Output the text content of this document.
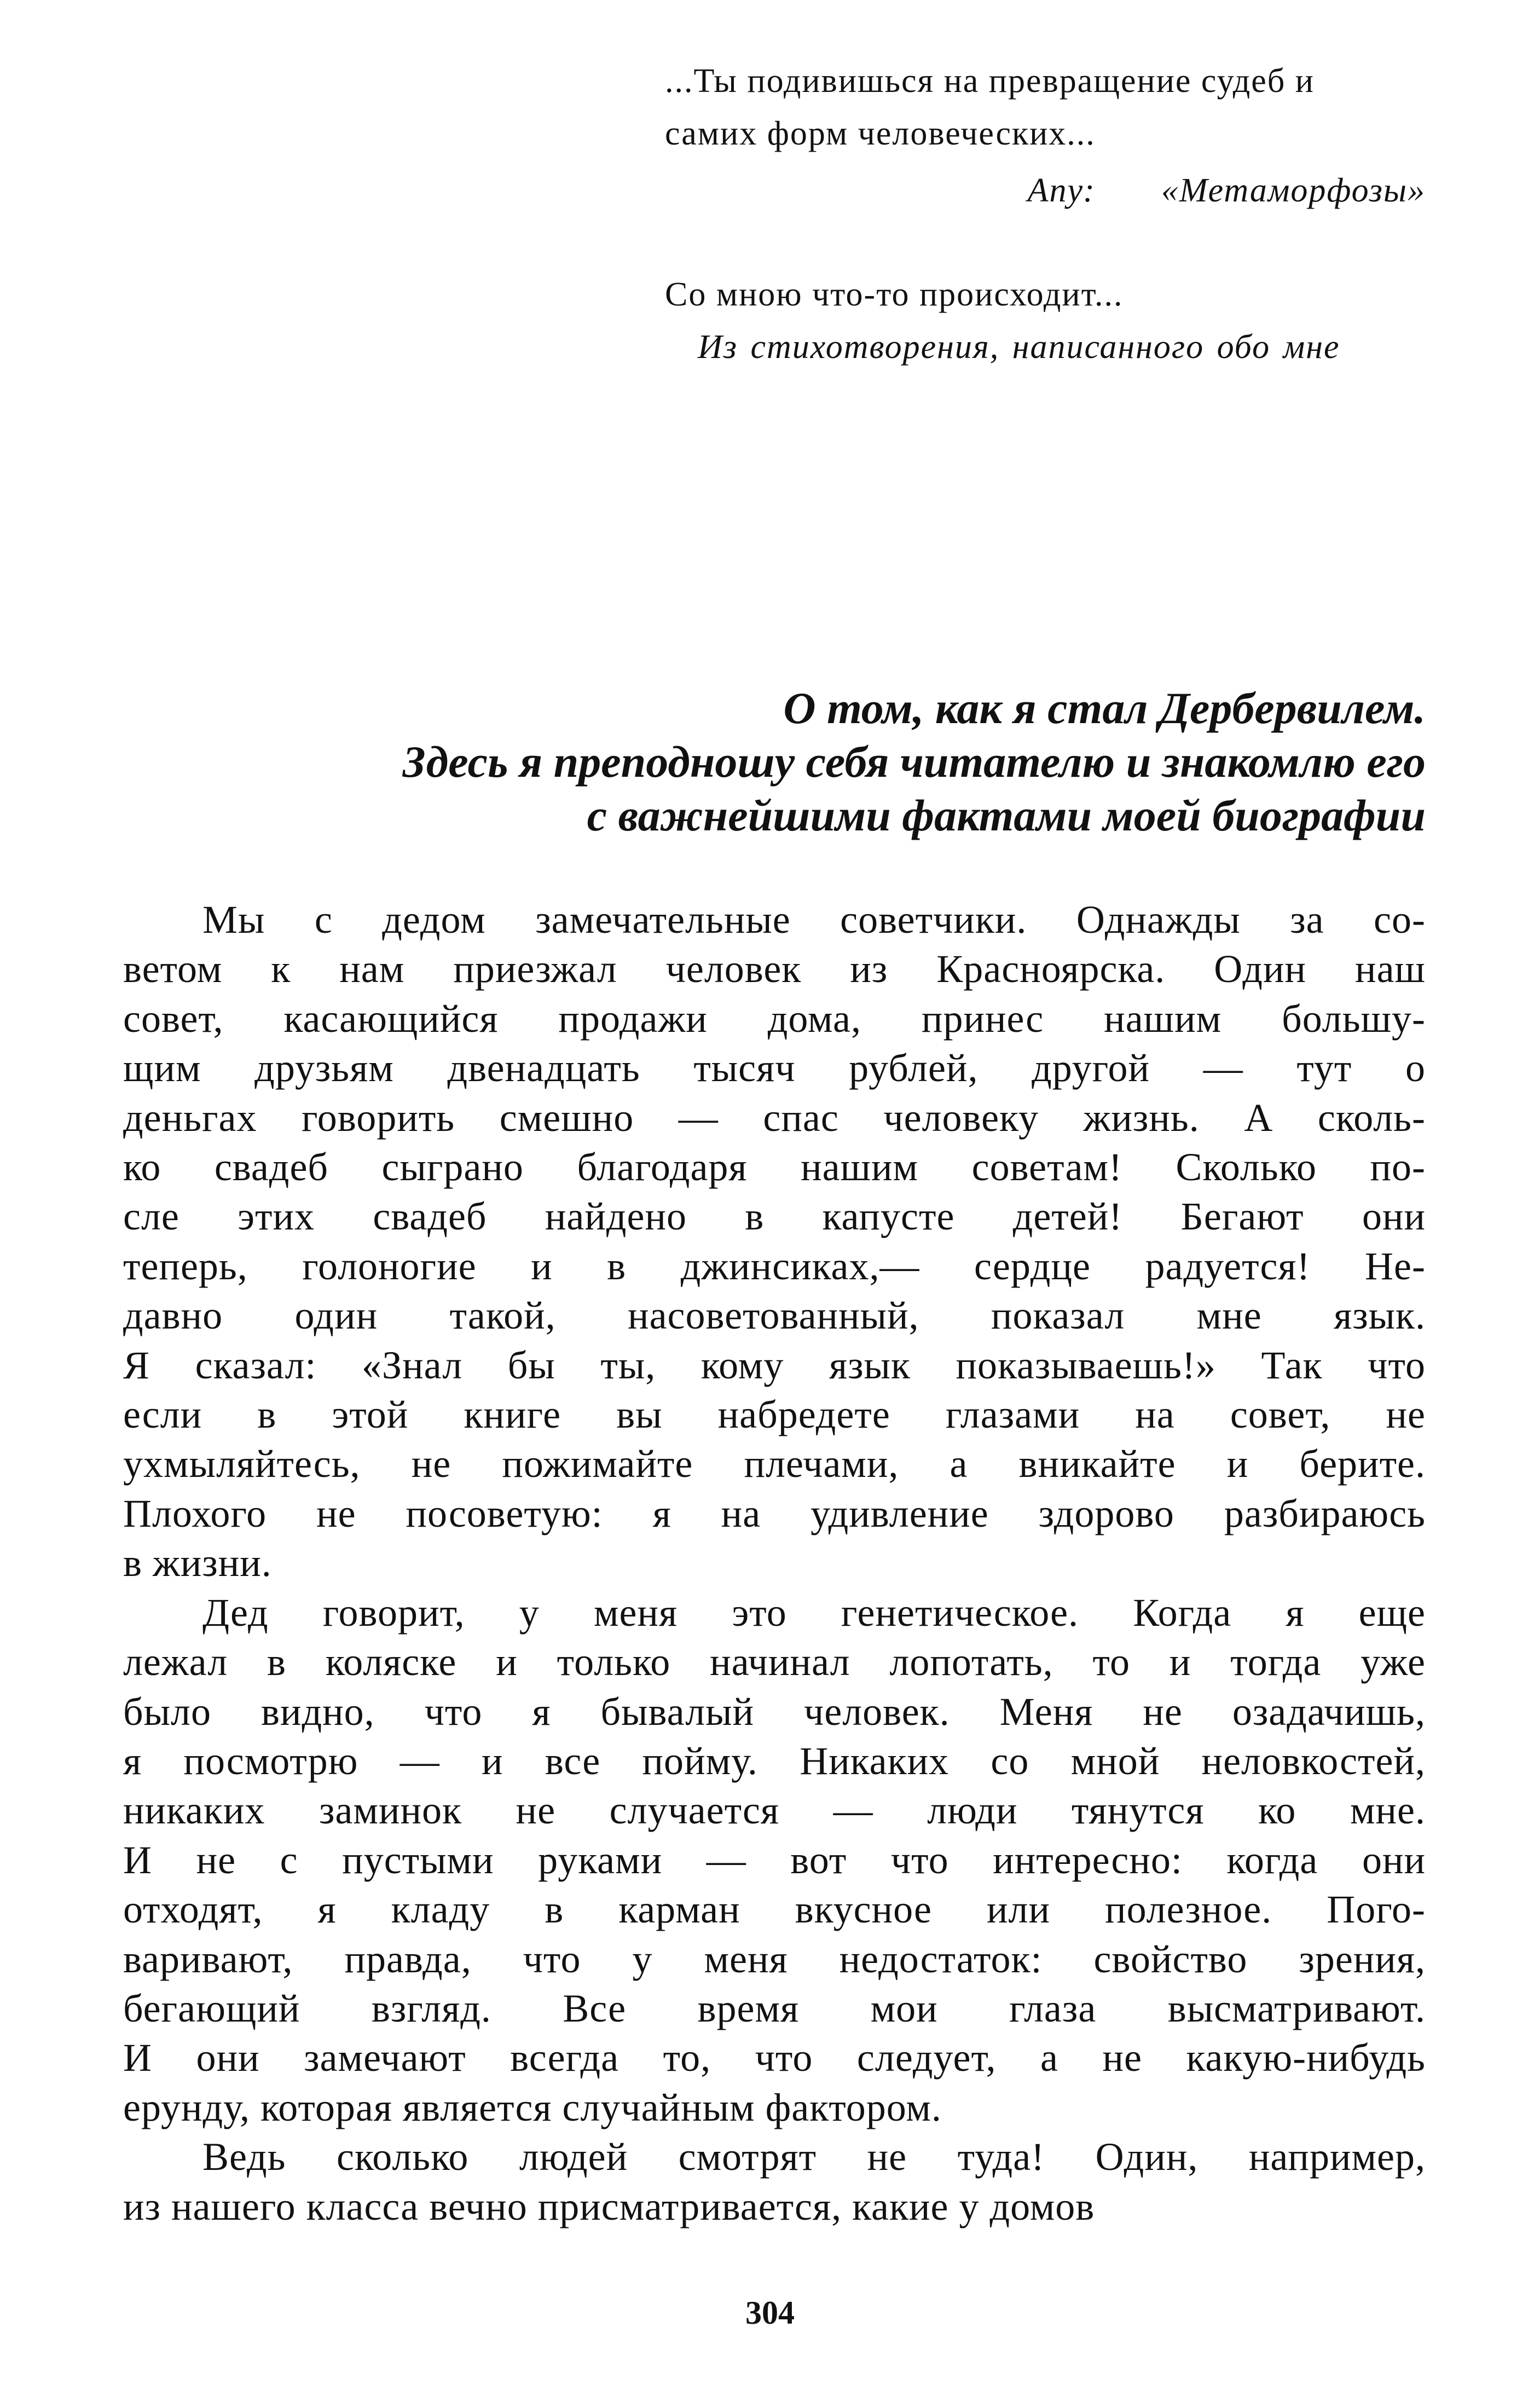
...Ты подивишься на превращение судеб и
самих форм человеческих...

Апу: «Метаморфозы»

Со мною что-то происходит...

Из стихотворения, написанного обо мне

О том, как я стал Дербервилем.
Здесь я преподношу себя читателю и знакомлю его
с важнейшими фактами моей биографии

Мы с дедом замечательные советчики. Однажды за со-
ветом к нам приезжал человек из Красноярска. Один наш
совет, касающийся продажи дома, принес нашим большу-
щим друзьям двенадцать тысяч рублей, другой — тут о
деньгах говорить смешно — спас человеку жизнь. А сколь-
ко свадеб сыграно благодаря нашим советам! Сколько по-
сле этих свадеб найдено в капусте детей! Бегают они
теперь, голоногие и в джинсиках,— сердце радуется! Не-
давно один такой, насоветованный, показал мне язык.
Я сказал: «Знал бы ты, кому язык показываешь!» Так что
если в этой книге вы набредете глазами на совет, не
ухмыляйтесь, не пожимайте плечами, а вникайте и берите.
Плохого не посоветую: я на удивление здорово разбираюсь
в жизни.

Дед говорит, у меня это генетическое. Когда я еще
лежал в коляске и только начинал лопотать, то и тогда уже
было видно, что я бывалый человек. Меня не озадачишь,
я посмотрю — и все пойму. Никаких со мной неловкостей,
никаких заминок не случается — люди тянутся ко мне.
И не с пустыми руками — вот что интересно: когда они
отходят, я кладу в карман вкусное или полезное. Пого-
варивают, правда, что у меня недостаток: свойство зрения,
бегающий взгляд. Все время мои глаза высматривают.
И они замечают всегда то, что следует, а не какую-нибудь
ерунду, которая является случайным фактором.

Ведь сколько людей смотрят не туда! Один, например,
из нашего класса вечно присматривается, какие у домов

304
